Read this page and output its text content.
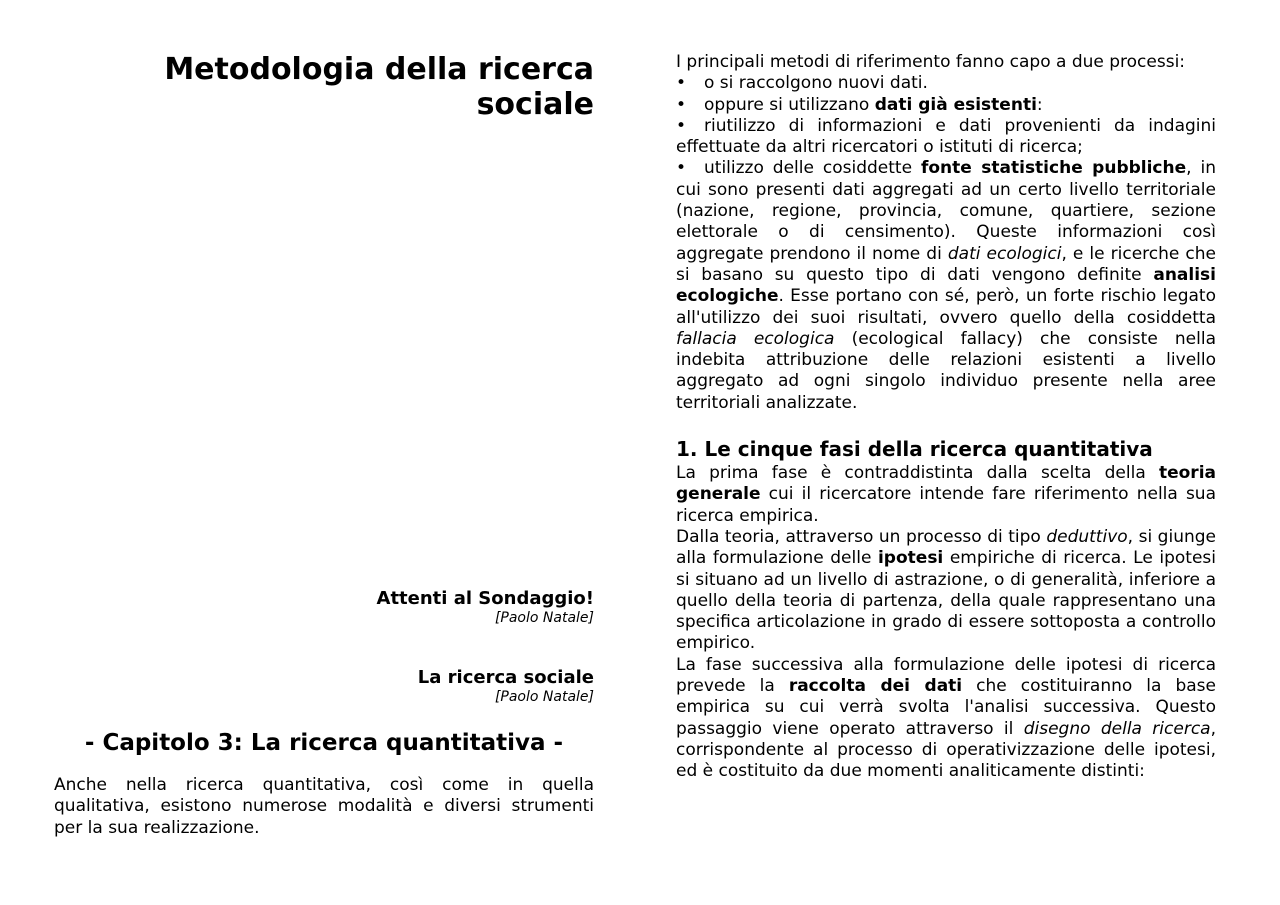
Metodologia della ricerca
sociale
Attenti al Sondaggio!
[Paolo Natale]
La ricerca sociale
[Paolo Natale]
- Capitolo 3: La ricerca quantitativa -

Anche nella ricerca quantitativa, così come in quella qualitativa, esistono numerose modalità e diversi strumenti per la sua realizzazione.

I principali metodi di riferimento fanno capo a due processi:

• o si raccolgono nuovi dati.

• oppure si utilizzano dati già esistenti:

• riutilizzo di informazioni e dati provenienti da indagini effettuate da altri ricercatori o istituti di ricerca;

• utilizzo delle cosiddette fonte statistiche pubbliche, in cui sono presenti dati aggregati ad un certo livello territoriale (nazione, regione, provincia, comune, quartiere, sezione elettorale o di censimento). Queste informazioni così aggregate prendono il nome di dati ecologici, e le ricerche che si basano su questo tipo di dati vengono definite analisi ecologiche. Esse portano con sé, però, un forte rischio legato all'utilizzo dei suoi risultati, ovvero quello della cosiddetta fallacia ecologica (ecological fallacy) che consiste nella indebita attribuzione delle relazioni esistenti a livello aggregato ad ogni singolo individuo presente nella aree territoriali analizzate.

1. Le cinque fasi della ricerca quantitativa

La prima fase è contraddistinta dalla scelta della teoria generale cui il ricercatore intende fare riferimento nella sua ricerca empirica.

Dalla teoria, attraverso un processo di tipo deduttivo, si giunge alla formulazione delle ipotesi empiriche di ricerca. Le ipotesi si situano ad un livello di astrazione, o di generalità, inferiore a quello della teoria di partenza, della quale rappresentano una specifica articolazione in grado di essere sottoposta a controllo empirico.

La fase successiva alla formulazione delle ipotesi di ricerca prevede la raccolta dei dati che costituiranno la base empirica su cui verrà svolta l'analisi successiva. Questo passaggio viene operato attraverso il disegno della ricerca, corrispondente al processo di operativizzazione delle ipotesi, ed è costituito da due momenti analiticamente distinti:
